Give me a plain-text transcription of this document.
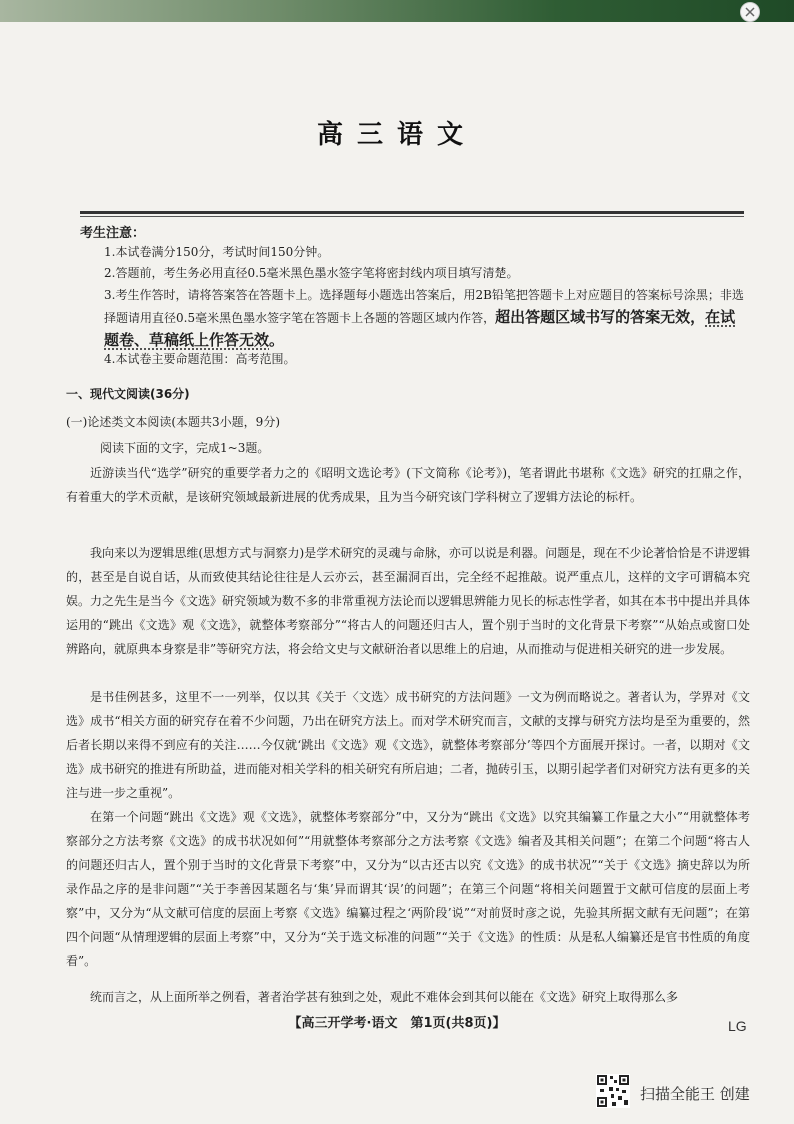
高三语文
考生注意：
1.本试卷满分150分，考试时间150分钟。
2.答题前，考生务必用直径0.5毫米黑色墨水签字笔将密封线内项目填写清楚。
3.考生作答时，请将答案答在答题卡上。选择题每小题选出答案后，用2B铅笔把答题卡上对应题目的答案标号涂黑；非选择题请用直径0.5毫米黑色墨水签字笔在答题卡上各题的答题区域内作答，超出答题区域书写的答案无效，在试题卷、草稿纸上作答无效。
4.本试卷主要命题范围：高考范围。
一、现代文阅读(36分)
(一)论述类文本阅读(本题共3小题，9分)
阅读下面的文字，完成1~3题。

近游读当代“选学”研究的重要学者力之的《昭明文选论考》(下文简称《论考》)，笔者谓此书堪称《文选》研究的扛鼎之作，有着重大的学术贡献，是该研究领域最新进展的优秀成果，且为当今研究该门学科树立了逻辑方法论的标杆。

我向来以为逻辑思维(思想方式与洞察力)是学术研究的灵魂与命脉，亦可以说是利器。问题是，现在不少论著恰恰是不讲逻辑的，甚至是自说自话，从而致使其结论往往是人云亦云，甚至漏洞百出，完全经不起推敲。说严重点儿，这样的文字可谓稿本究娱。力之先生是当今《文选》研究领域为数不多的非常重视方法论而以逻辑思辨能力见长的标志性学者，如其在本书中提出并具体运用的“跳出《文选》观《文选》，就整体考察部分”“将古人的问题还归古人，置个别于当时的文化背景下考察”“从始点或窗口处辨路向，就原典本身察是非”等研究方法，将会给文史与文献研治者以思维上的启迪，从而推动与促进相关研究的进一步发展。

是书佳例甚多，这里不一一列举，仅以其《关于〈文选〉成书研究的方法问题》一文为例而略说之。著者认为，学界对《文选》成书“相关方面的研究存在着不少问题，乃出在研究方法上。而对学术研究而言，文献的支撑与研究方法均是至为重要的，然后者长期以来得不到应有的关注……今仅就‘跳出《文选》观《文选》，就整体考察部分’等四个方面展开探讨。一者，以期对《文选》成书研究的推进有所助益，进而能对相关学科的相关研究有所启迪；二者，抛砖引玉，以期引起学者们对研究方法有更多的关注与进一步之重视”。

在第一个问题“跳出《文选》观《文选》，就整体考察部分”中，又分为“跳出《文选》以究其编纂工作量之大小”“用就整体考察部分之方法考察《文选》的成书状况如何”“用就整体考察部分之方法考察《文选》编者及其相关问题”；在第二个问题“将古人的问题还归古人，置个别于当时的文化背景下考察”中，又分为“以古还古以究《文选》的成书状况”“关于《文选》摘史辞以为所录作品之序的是非问题”“关于李善因某题名与‘集’异而谓其‘误’的问题”；在第三个问题“将相关问题置于文献可信度的层面上考察”中，又分为“从文献可信度的层面上考察《文选》编纂过程之‘两阶段’说”“对前贤时彦之说，先验其所据文献有无问题”；在第四个问题“从情理逻辑的层面上考察”中，又分为“关于选文标准的问题”“关于《文选》的性质：从是私人编纂还是官书性质的角度看”。

统而言之，从上面所举之例看，著者治学甚有独到之处，观此不难体会到其何以能在《文选》研究上取得那么多

【高三开学考·语文　第1页(共8页)】	LG
扫描全能王 创建
